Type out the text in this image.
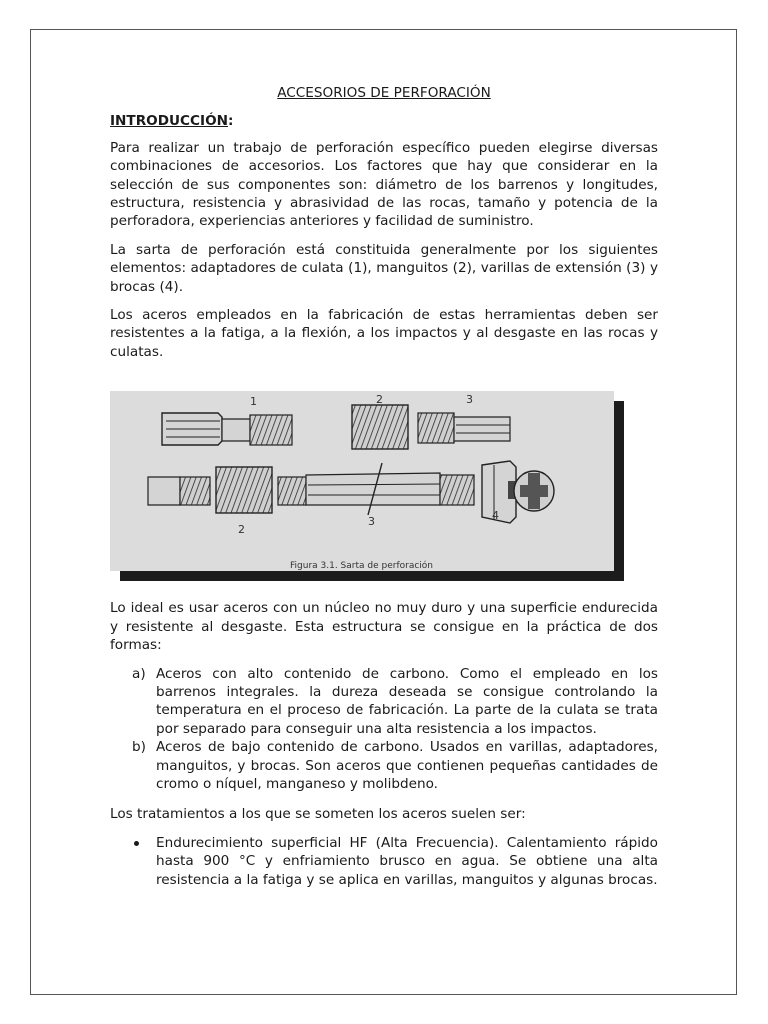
ACCESORIOS DE PERFORACIÓN
INTRODUCCIÓN:

Para realizar un trabajo de perforación específico pueden elegirse diversas combinaciones de accesorios. Los factores que hay que considerar en la selección de sus componentes son: diámetro de los barrenos y longitudes, estructura, resistencia y abrasividad de las rocas, tamaño y potencia de la perforadora, experiencias anteriores y facilidad de suministro.

La sarta de perforación está constituida generalmente por los siguientes elementos: adaptadores de culata (1), manguitos (2), varillas de extensión (3) y brocas (4).

Los aceros empleados en la fabricación de estas herramientas deben ser resistentes a la fatiga, a la flexión, a los impactos y al desgaste en las rocas y culatas.

1	2	3
2
3	4
Figura 3.1. Sarta de perforación

Lo ideal es usar aceros con un núcleo no muy duro y una superficie endurecida y resistente al desgaste. Esta estructura se consigue en la práctica de dos formas:

a) Aceros con alto contenido de carbono. Como el empleado en los barrenos integrales. la dureza deseada se consigue controlando la temperatura en el proceso de fabricación. La parte de la culata se trata por separado para conseguir una alta resistencia a los impactos.
b) Aceros de bajo contenido de carbono. Usados en varillas, adaptadores, manguitos, y brocas. Son aceros que contienen pequeñas cantidades de cromo o níquel, manganeso y molibdeno.

Los tratamientos a los que se someten los aceros suelen ser:

Endurecimiento superficial HF (Alta Frecuencia). Calentamiento rápido hasta 900 °C y enfriamiento brusco en agua. Se obtiene una alta resistencia a la fatiga y se aplica en varillas, manguitos y algunas brocas.
